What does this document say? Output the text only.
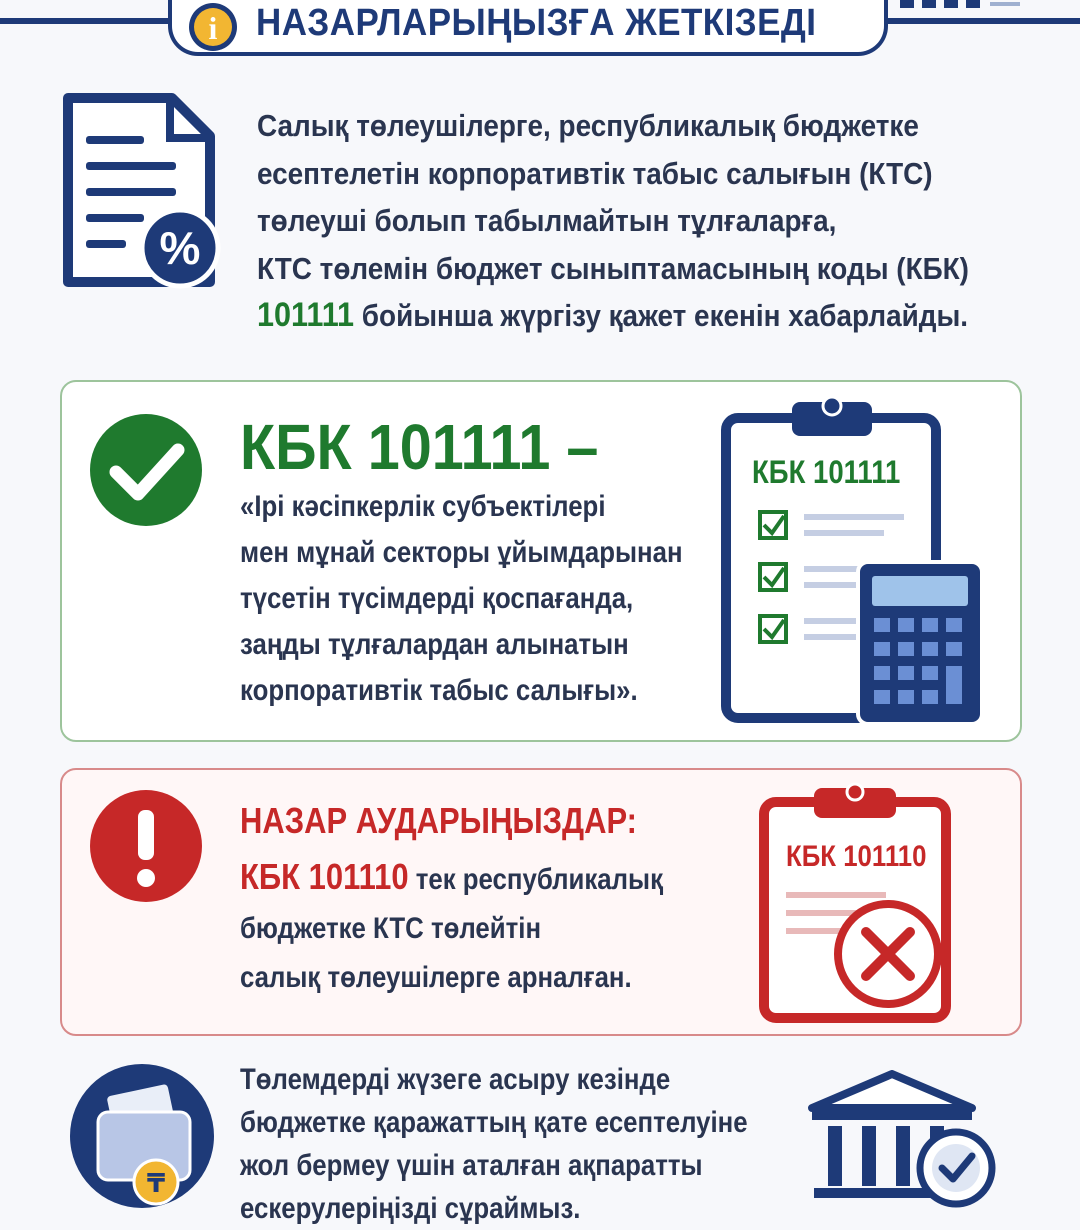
i НАЗАРЛАРЫҢЫЗҒА ЖЕТКІЗЕДІ
%
Салық төлеушілерге, республикалық бюджетке
есептелетін корпоративтік табыс салығын (КТС)
төлеуші болып табылмайтын тұлғаларға,
КТС төлемін бюджет сыныптамасының коды (КБК)
101111 бойынша жүргізу қажет екенін хабарлайды.
КБК 101111 –
«Ірі кәсіпкерлік субъектілері
мен мұнай секторы ұйымдарынан
түсетін түсімдерді қоспағанда,
заңды тұлғалардан алынатын
корпоративтік табыс салығы».
КБК 101111
НАЗАР АУДАРЫҢЫЗДАР:
КБК 101110 тек республикалық
бюджетке КТС төлейтін
салық төлеушілерге арналған.
КБК 101110
₸
Төлемдерді жүзеге асыру кезінде
бюджетке қаражаттың қате есептелуіне
жол бермеу үшін аталған ақпаратты
ескерулеріңізді сұраймыз.
